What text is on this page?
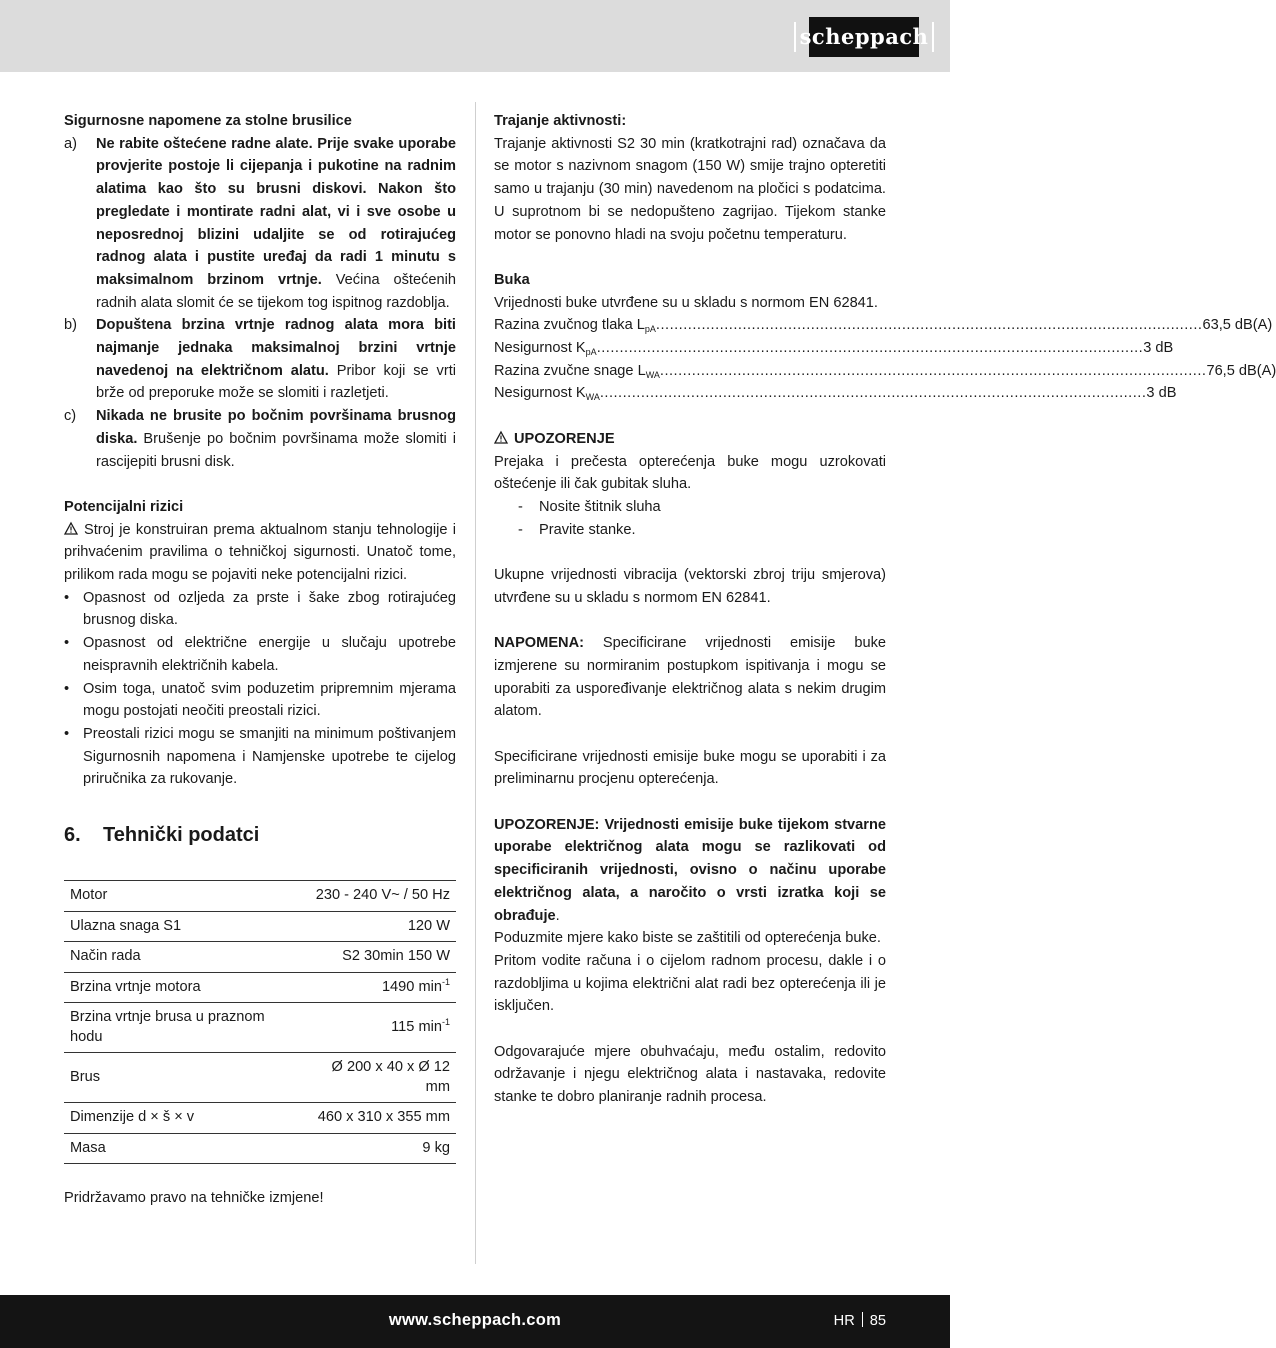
scheppach

Sigurnosne napomene za stolne brusilice

a)	Ne rabite oštećene radne alate. Prije svake uporabe provjerite postoje li cijepanja i pukotine na radnim alatima kao što su brusni diskovi. Nakon što pregledate i montirate radni alat, vi i sve osobe u neposrednoj blizini udaljite se od rotirajućeg radnog alata i pustite uređaj da radi 1 minutu s maksimalnom brzinom vrtnje. Većina oštećenih radnih alata slomit će se tijekom tog ispitnog razdoblja.
b)	Dopuštena brzina vrtnje radnog alata mora biti najmanje jednaka maksimalnoj brzini vrtnje navedenoj na električnom alatu. Pribor koji se vrti brže od preporuke može se slomiti i razletjeti.
c)	Nikada ne brusite po bočnim površinama brusnog diska. Brušenje po bočnim površinama može slomiti i rascijepiti brusni disk.

Potencijalni rizici

Stroj je konstruiran prema aktualnom stanju tehnologije i prihvaćenim pravilima o tehničkoj sigurnosti. Unatoč tome, prilikom rada mogu se pojaviti neke potencijalni rizici.

• Opasnost od ozljeda za prste i šake zbog rotirajućeg brusnog diska.
• Opasnost od električne energije u slučaju upotrebe neispravnih električnih kabela.
• Osim toga, unatoč svim poduzetim pripremnim mjerama mogu postojati neočiti preostali rizici.
• Preostali rizici mogu se smanjiti na minimum poštivanjem Sigurnosnih napomena i Namjenske upotrebe te cijelog priručnika za rukovanje.
6.	Tehnički podatci
Motor	230 - 240 V~ / 50 Hz
Ulazna snaga S1	120 W
Način rada	S2 30min 150 W
Brzina vrtnje motora	1490 $\min^{-1}$
Brzina vrtnje brusa u praznom hodu	115 $\min^{-1}$
Brus	Ø 200 x 40 x Ø 12 mm
Dimenzije d × š × v	460 x 310 x 355 mm
Masa	9 kg

Pridržavamo pravo na tehničke izmjene!

Trajanje aktivnosti:

Trajanje aktivnosti S2 30 min (kratkotrajni rad) označava da se motor s nazivnom snagom (150 W) smije trajno opteretiti samo u trajanju (30 min) navedenom na pločici s podatcima. U suprotnom bi se nedopušteno zagrijao. Tijekom stanke motor se ponovno hladi na svoju početnu temperaturu.

Buka

Vrijednosti buke utvrđene su u skladu s normom EN 62841.

Razina zvučnog tlaka $L_{pA}$ ........................................................................................................................ 63,5 dB(A)
Nesigurnost $K_{pA}$ ........................................................................................................................ 3 dB
Razina zvučne snage $L_{WA}$ ........................................................................................................................ 76,5 dB(A)
Nesigurnost $K_{WA}$ ........................................................................................................................ 3 dB

UPOZORENJE

Prejaka i prečesta opterećenja buke mogu uzrokovati oštećenje ili čak gubitak sluha.

-	Nosite štitnik sluha
-	Pravite stanke.

Ukupne vrijednosti vibracija (vektorski zbroj triju smjerova) utvrđene su u skladu s normom EN 62841.

NAPOMENA: Specificirane vrijednosti emisije buke izmjerene su normiranim postupkom ispitivanja i mogu se uporabiti za uspoređivanje električnog alata s nekim drugim alatom.

Specificirane vrijednosti emisije buke mogu se uporabiti i za preliminarnu procjenu opterećenja.

UPOZORENJE: Vrijednosti emisije buke tijekom stvarne uporabe električnog alata mogu se razlikovati od specificiranih vrijednosti, ovisno o načinu uporabe električnog alata, a naročito o vrsti izratka koji se obrađuje.

Poduzmite mjere kako biste se zaštitili od opterećenja buke.

Pritom vodite računa i o cijelom radnom procesu, dakle i o razdobljima u kojima električni alat radi bez opterećenja ili je isključen.

Odgovarajuće mjere obuhvaćaju, među ostalim, redovito održavanje i njegu električnog alata i nastavaka, redovite stanke te dobro planiranje radnih procesa.

www.scheppach.com	HR 85
